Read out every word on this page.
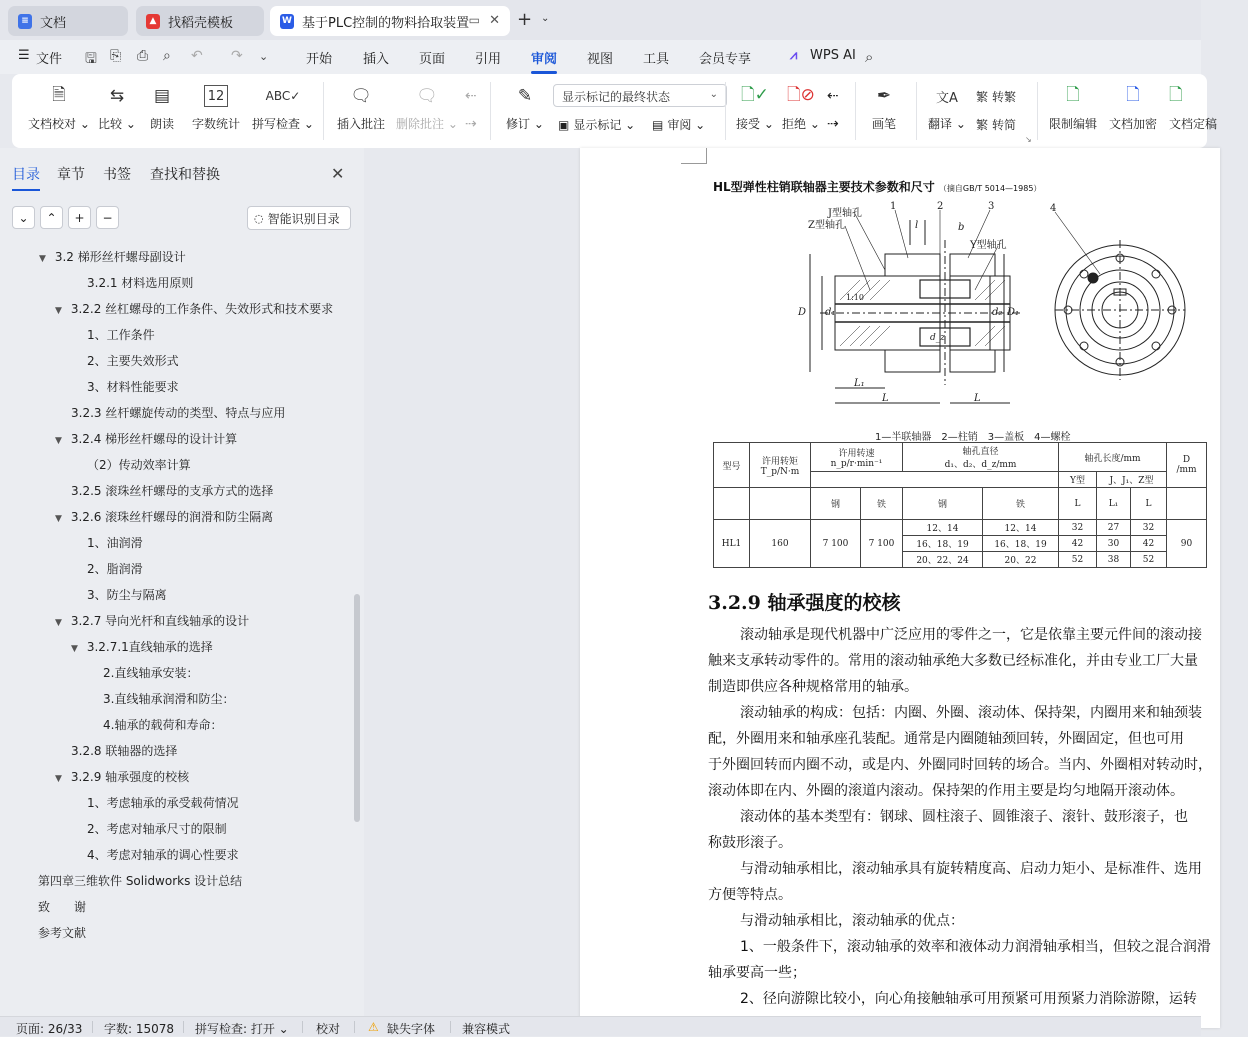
≡ 文档	▲ 找稻壳模板	W 基于PLC控制的物料拾取装置 ▭ ✕ + ⌄
☰ 文件 🖫 ⎘ ⎙ ⌕ ↶ ↷ ⌄	开始 插入 页面 引用 审阅 视图 工具 会员专享	⩘ WPS AI ⌕
🗎
文档校对 ⌄
⇆
比较 ⌄
▤
朗读
12
字数统计
ABC✓
拼写检查 ⌄
🗨
插入批注
🗨
删除批注 ⌄
⇠
⇢
✎
修订 ⌄
显示标记的最终状态	⌄
▣ 显示标记 ⌄ ▤ 审阅 ⌄
🗋✓
接受 ⌄
🗋⊘
拒绝 ⌄
⇠
⇢
✒
画笔
文A
翻译 ⌄
繁 转繁
繁 转简
↘
🗋
限制编辑
🗋
文档加密
🗋
文档定稿
目录 章节 书签 查找和替换	✕
⌄ ⌃ + −	◌ 智能识别目录
▼ 3.2 梯形丝杆螺母副设计
3.2.1 材料选用原则
▼ 3.2.2 丝杠螺母的工作条件、失效形式和技术要求
1、工作条件
2、主要失效形式
3、材料性能要求
3.2.3 丝杆螺旋传动的类型、特点与应用
▼ 3.2.4 梯形丝杆螺母的设计计算
（2）传动效率计算
3.2.5 滚珠丝杆螺母的支承方式的选择
▼ 3.2.6 滚珠丝杆螺母的润滑和防尘隔离
1、油润滑
2、脂润滑
3、防尘与隔离
▼ 3.2.7 导向光杆和直线轴承的设计
▼ 3.2.7.1直线轴承的选择
2.直线轴承安装：
3.直线轴承润滑和防尘：
4.轴承的载荷和寿命：
3.2.8 联轴器的选择
▼ 3.2.9 轴承强度的校核
1、考虑轴承的承受载荷情况
2、考虑对轴承尺寸的限制
4、考虑对轴承的调心性要求
第四章三维软件 Solidworks 设计总结
致　　谢
参考文献
HL型弹性柱销联轴器主要技术参数和尺寸 （摘自GB/T 5014—1985）
J型轴孔
Z型轴孔
Y型轴孔
1	2	3	4
D d₁	d₂ D₁
L₁
L	L
l	b
d_z
1:10
1—半联轴器　2—柱销　3—盖板　4—螺栓
型号	许用转矩
T_p/N·m	许用转速
n_p/r·min⁻¹		轴孔直径
d₁、d₂、d_z/mm		轴孔长度/mm			D
/mm
						Y型	J、J₁、Z型		
		钢	铁	钢	铁	L	L₁	L	
HL1	160	7 100	7 100	12、14	12、14	32	27	32	90
				16、18、19	16、18、19	42	30	42	
				20、22、24	20、22	52	38	52	
3.2.9 轴承强度的校核

滚动轴承是现代机器中广泛应用的零件之一，它是依靠主要元件间的滚动接

触来支承转动零件的。常用的滚动轴承绝大多数已经标准化，并由专业工厂大量

制造即供应各种规格常用的轴承。

滚动轴承的构成：包括：内圈、外圈、滚动体、保持架，内圈用来和轴颈装

配，外圈用来和轴承座孔装配。通常是内圈随轴颈回转，外圈固定，但也可用

于外圈回转而内圈不动，或是内、外圈同时回转的场合。当内、外圈相对转动时，

滚动体即在内、外圈的滚道内滚动。保持架的作用主要是均匀地隔开滚动体。

滚动体的基本类型有：钢球、圆柱滚子、圆锥滚子、滚针、鼓形滚子，也

称鼓形滚子。

与滑动轴承相比，滚动轴承具有旋转精度高、启动力矩小、是标准件、选用

方便等特点。

与滑动轴承相比，滚动轴承的优点：

1、一般条件下，滚动轴承的效率和液体动力润滑轴承相当，但较之混合润滑

轴承要高一些；

2、径向游隙比较小，向心角接触轴承可用预紧可用预紧力消除游隙，运转

页面: 26/33 字数: 15078 拼写检查: 打开 ⌄ 校对 ⚠ 缺失字体 兼容模式
